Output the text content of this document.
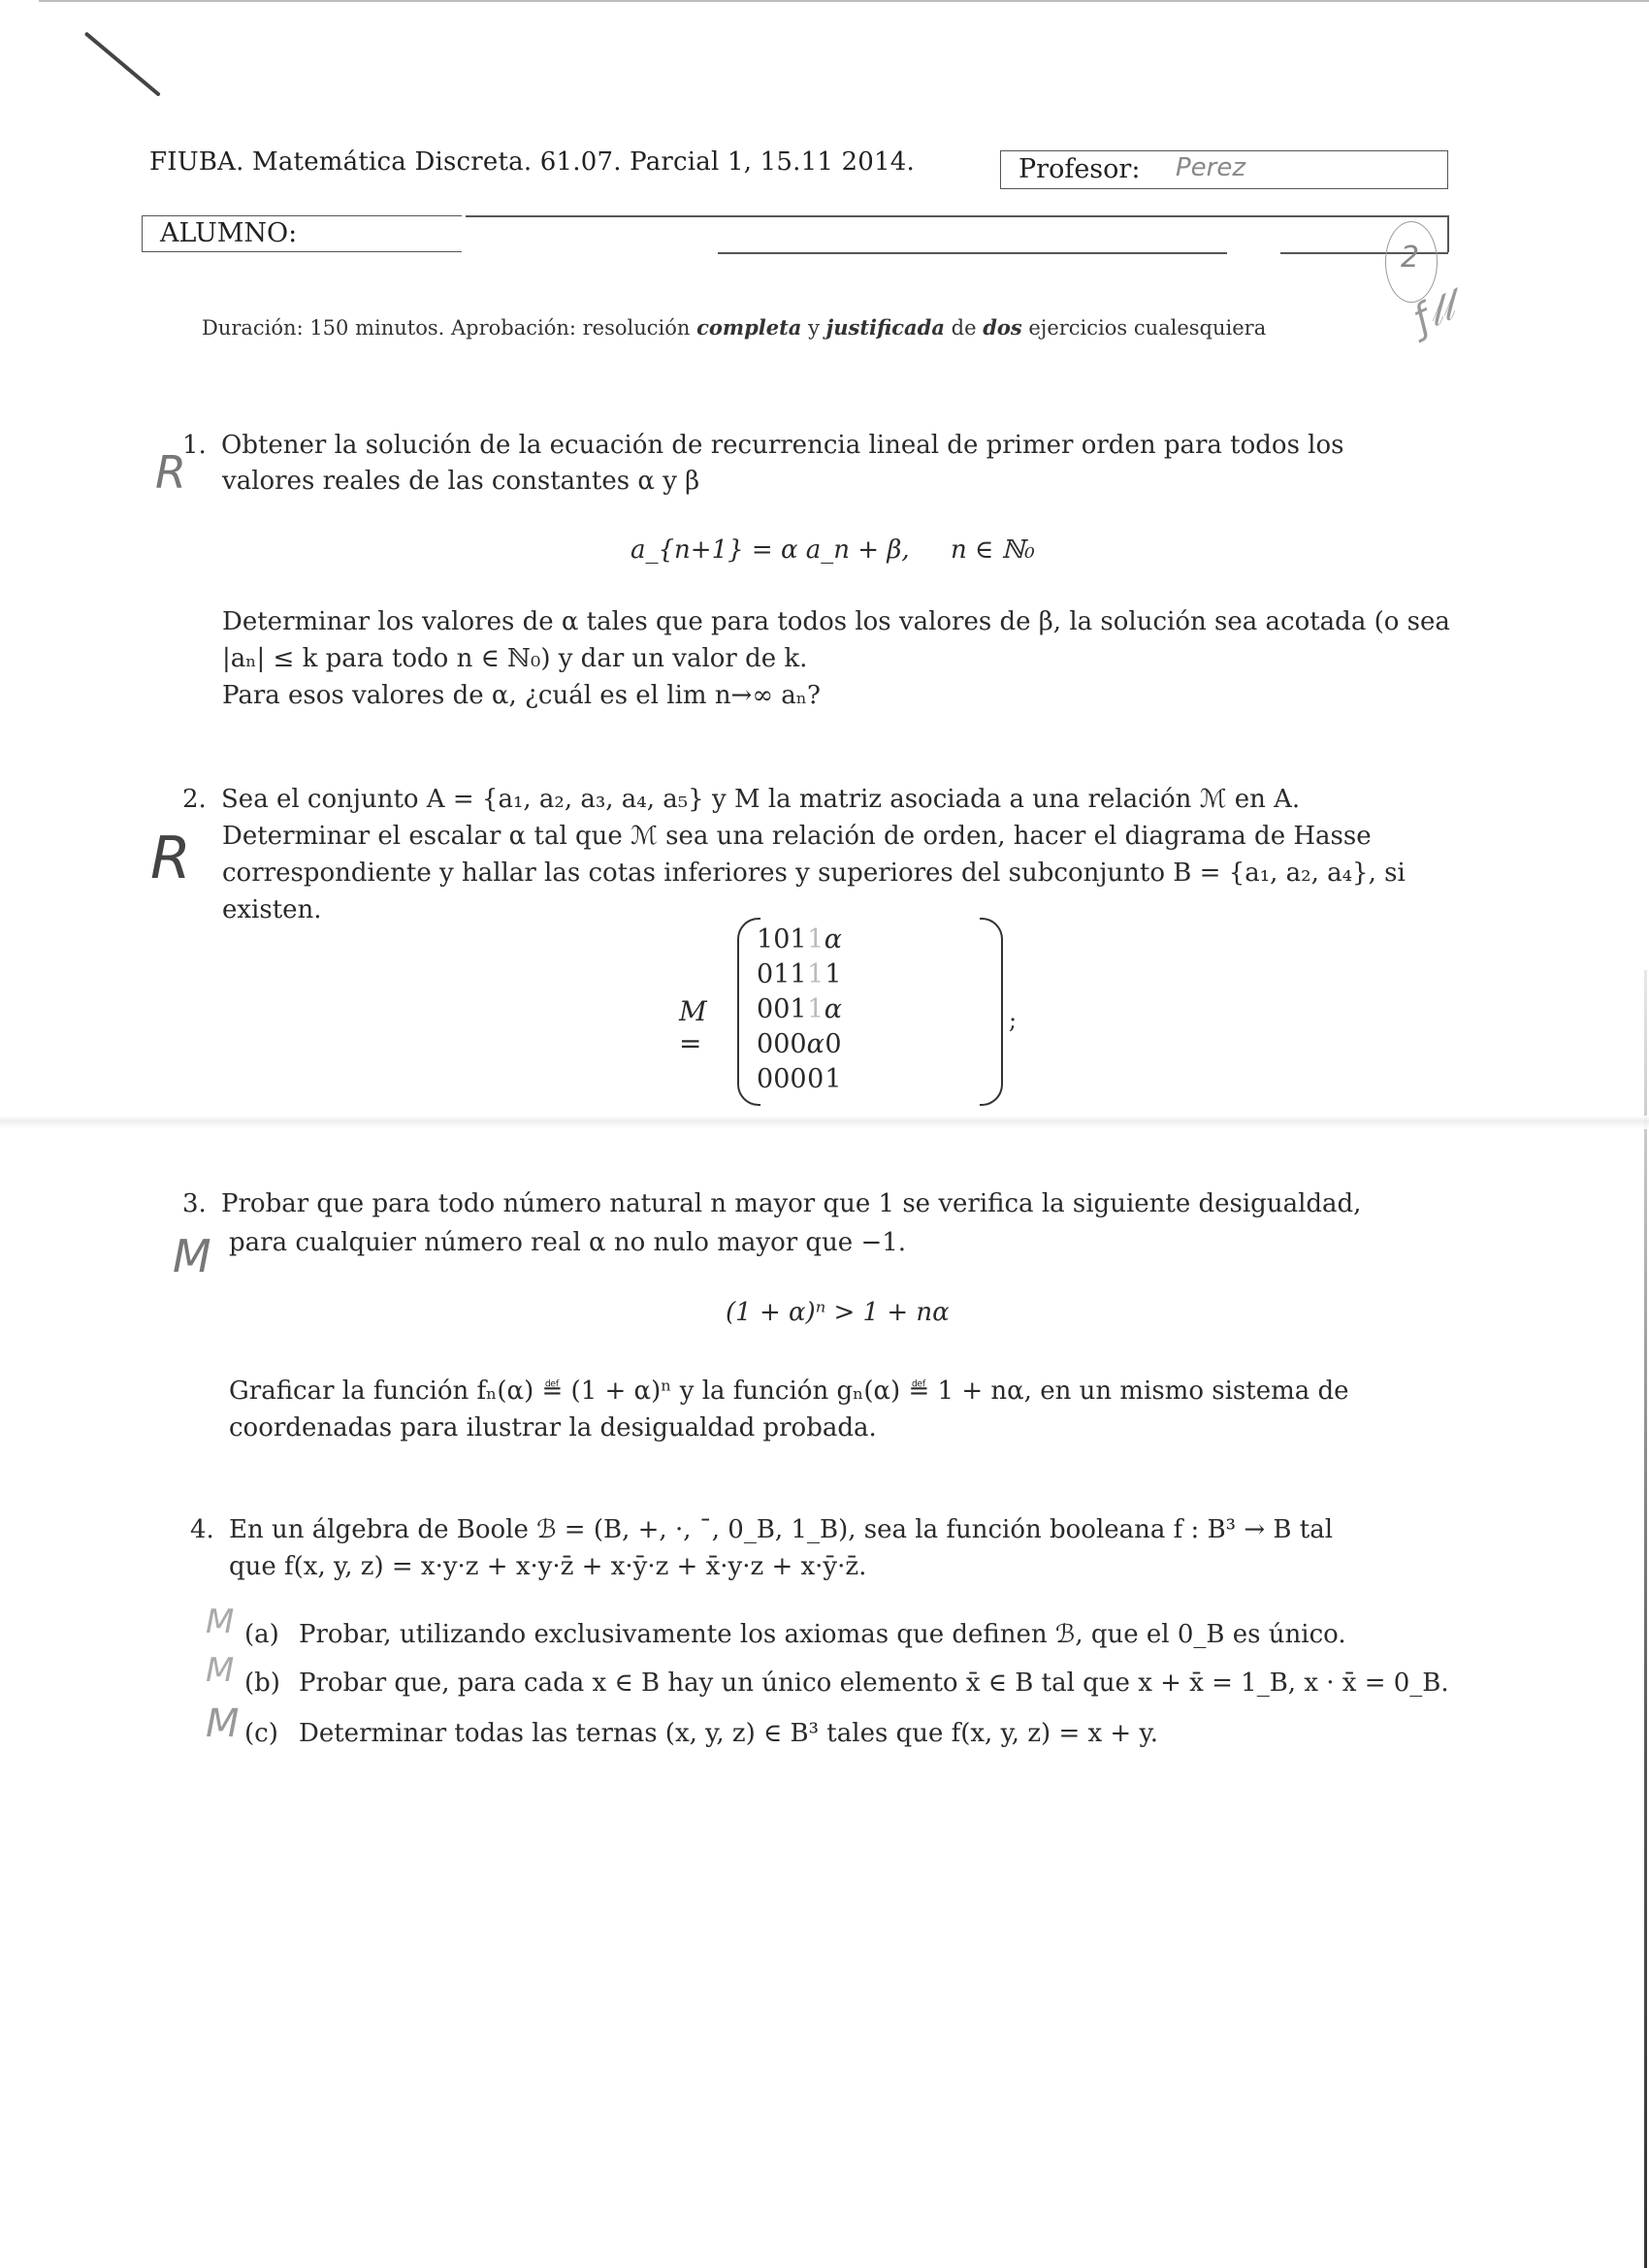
FIUBA. Matemática Discreta. 61.07. Parcial 1, 15.11 2014.	Profesor: Perez
ALUMNO:
2
ƒ𝓁𝓁
Duración: 150 minutos. Aprobación: resolución completa y justificada de dos ejercicios cualesquiera
1. Obtener la solución de la ecuación de recurrencia lineal de primer orden para todos los
valores reales de las constantes α y β
R
a_{n+1} = α a_n + β, n ∈ ℕ₀
Determinar los valores de α tales que para todos los valores de β, la solución sea acotada (o sea |aₙ| ≤ k para todo n ∈ ℕ₀) y dar un valor de k.
Para esos valores de α, ¿cuál es el lim n→∞ aₙ?
2. Sea el conjunto A = {a₁, a₂, a₃, a₄, a₅} y M la matriz asociada a una relación ℳ en A.
Determinar el escalar α tal que ℳ sea una relación de orden, hacer el diagrama de Hasse
correspondiente y hallar las cotas inferiores y superiores del subconjunto B = {a₁, a₂, a₄}, si
existen.
R
M =
1	0	1	1	α
0	1	1	1	1
0	0	1	1	α
0	0	0	α	0
0	0	0	0	1
;
3. Probar que para todo número natural n mayor que 1 se verifica la siguiente desigualdad,
para cualquier número real α no nulo mayor que −1.
M
(1 + α)ⁿ > 1 + nα
Graficar la función fₙ(α) ≝ (1 + α)ⁿ y la función gₙ(α) ≝ 1 + nα, en un mismo sistema de
coordenadas para ilustrar la desigualdad probada.
4. En un álgebra de Boole ℬ = (B, +, ·, ¯, 0_B, 1_B), sea la función booleana f : B³ → B tal
que f(x, y, z) = x·y·z + x·y·z̄ + x·ȳ·z + x̄·y·z + x·ȳ·z̄.
(a) Probar, utilizando exclusivamente los axiomas que definen ℬ, que el 0_B es único.
M
(b) Probar que, para cada x ∈ B hay un único elemento x̄ ∈ B tal que x + x̄ = 1_B, x · x̄ = 0_B.
M
(c) Determinar todas las ternas (x, y, z) ∈ B³ tales que f(x, y, z) = x + y.
M
